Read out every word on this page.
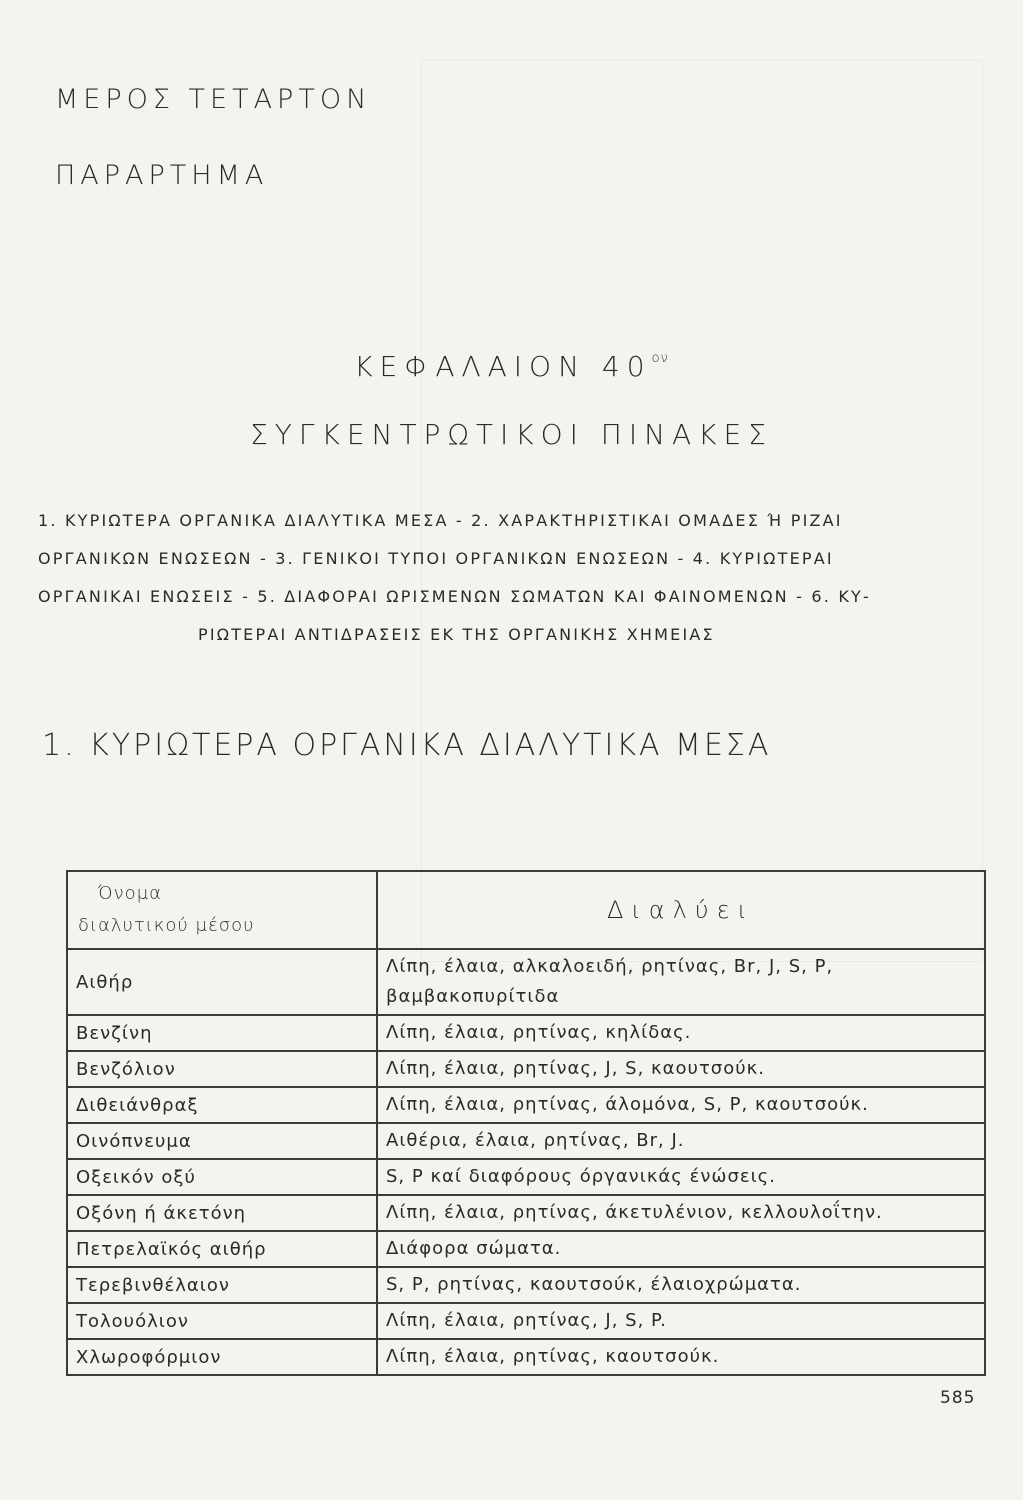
ΜΕΡΟΣ ΤΕΤΑΡΤΟΝ
ΠΑΡΑΡΤΗΜΑ
ΚΕΦΑΛΑΙΟΝ $40^{o\nu}$
ΣΥΓΚΕΝΤΡΩΤΙΚΟΙ ΠΙΝΑΚΕΣ
1. ΚΥΡΙΩΤΕΡΑ ΟΡΓΑΝΙΚΑ ΔΙΑΛΥΤΙΚΑ ΜΕΣΑ - 2. ΧΑΡΑΚΤΗΡΙΣΤΙΚΑΙ ΟΜΑΔΕΣ Ή ΡΙΖΑΙ
ΟΡΓΑΝΙΚΩΝ ΕΝΩΣΕΩΝ - 3. ΓΕΝΙΚΟΙ ΤΥΠΟΙ ΟΡΓΑΝΙΚΩΝ ΕΝΩΣΕΩΝ - 4. ΚΥΡΙΩΤΕΡΑΙ
ΟΡΓΑΝΙΚΑΙ ΕΝΩΣΕΙΣ - 5. ΔΙΑΦΟΡΑΙ ΩΡΙΣΜΕΝΩΝ ΣΩΜΑΤΩΝ ΚΑΙ ΦΑΙΝΟΜΕΝΩΝ - 6. ΚΥ-
ΡΙΩΤΕΡΑΙ ΑΝΤΙΔΡΑΣΕΙΣ ΕΚ ΤΗΣ ΟΡΓΑΝΙΚΗΣ ΧΗΜΕΙΑΣ
1. ΚΥΡΙΩΤΕΡΑ ΟΡΓΑΝΙΚΑ ΔΙΑΛΥΤΙΚΑ ΜΕΣΑ
Όνομα
διαλυτικού μέσου	Διαλύει
Αιθήρ	Λίπη, έλαια, αλκαλοειδή, ρητίνας, Br, J, S, P, βαμβακοπυρίτιδα
Βενζίνη	Λίπη, έλαια, ρητίνας, κηλίδας.
Βενζόλιον	Λίπη, έλαια, ρητίνας, J, S, καουτσούκ.
Διθειάνθραξ	Λίπη, έλαια, ρητίνας, άλομόνα, S, P, καουτσούκ.
Οινόπνευμα	Αιθέρια, έλαια, ρητίνας, Br, J.
Οξεικόν οξύ	S, P καί διαφόρους όργανικάς ένώσεις.
Οξόνη ή άκετόνη	Λίπη, έλαια, ρητίνας, άκετυλένιον, κελλουλοΐτην.
Πετρελαϊκός αιθήρ	Διάφορα σώματα.
Τερεβινθέλαιον	S, P, ρητίνας, καουτσούκ, έλαιοχρώματα.
Τολουόλιον	Λίπη, έλαια, ρητίνας, J, S, P.
Χλωροφόρμιον	Λίπη, έλαια, ρητίνας, καουτσούκ.
585
